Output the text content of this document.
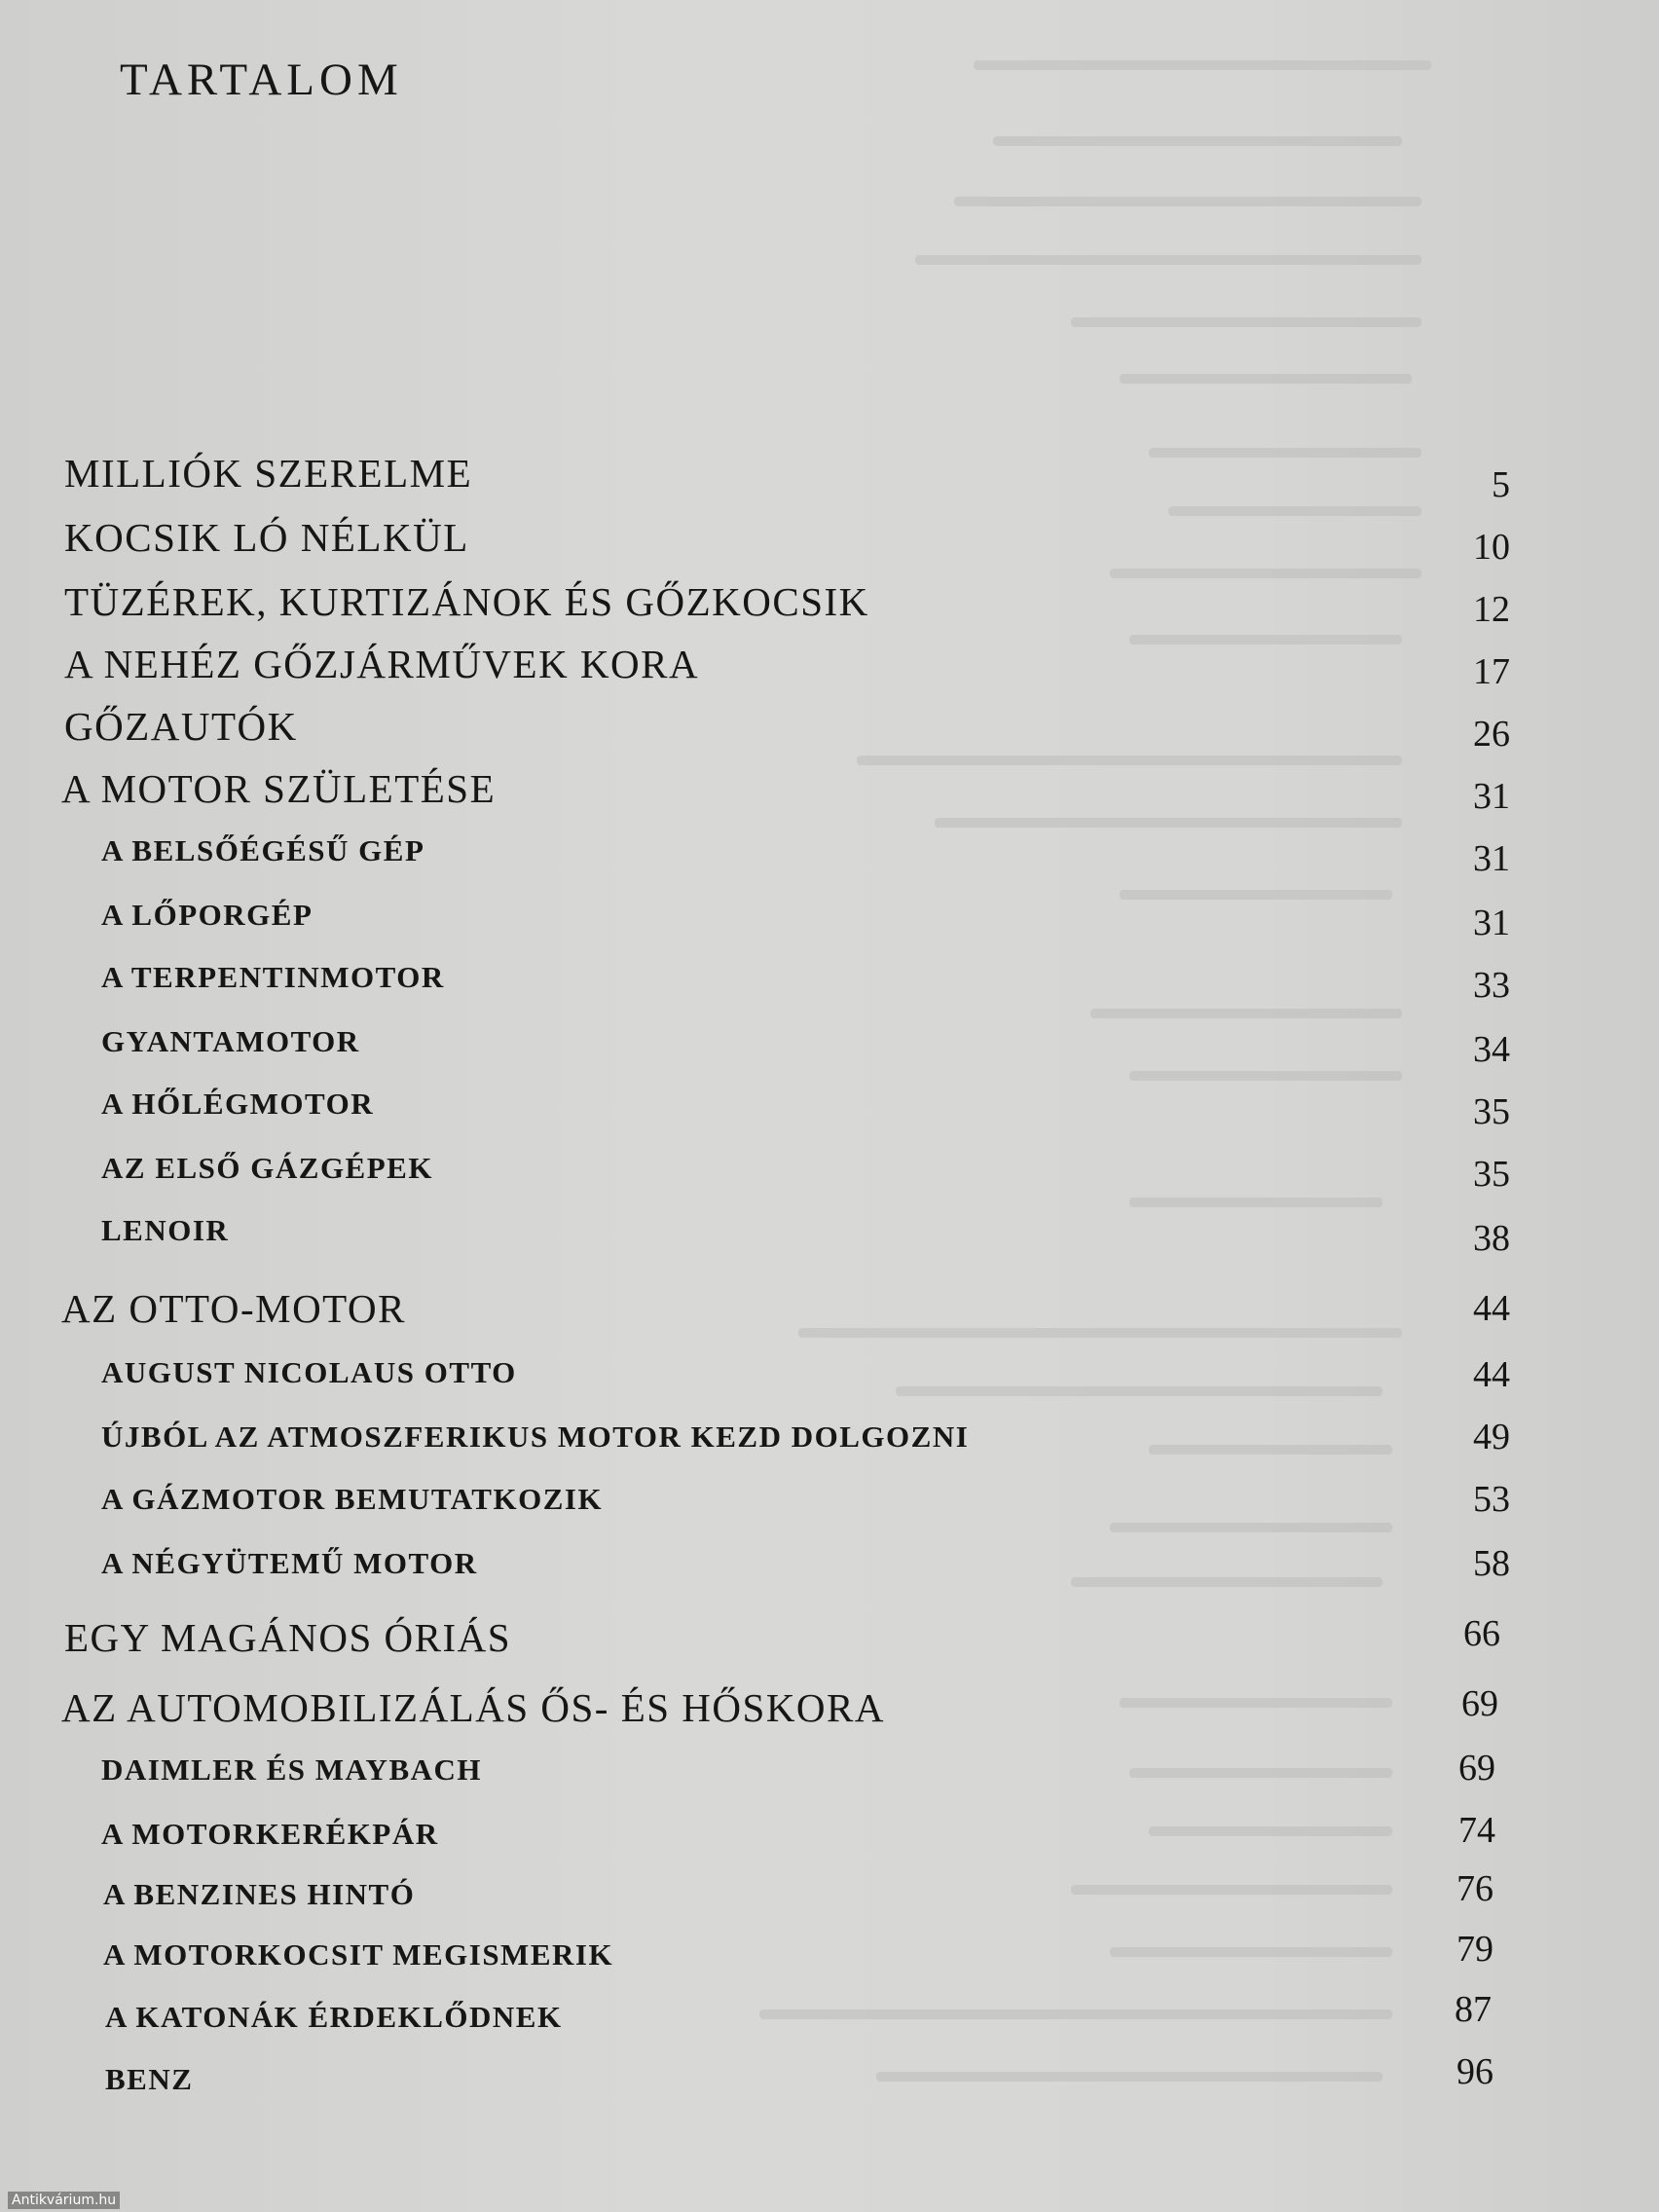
TARTALOM
MILLIÓK SZERELME	5
KOCSIK LÓ NÉLKÜL	10
TÜZÉREK, KURTIZÁNOK ÉS GŐZKOCSIK	12
A NEHÉZ GŐZJÁRMŰVEK KORA	17
GŐZAUTÓK	26
A MOTOR SZÜLETÉSE	31
A BELSŐÉGÉSŰ GÉP	31
A LŐPORGÉP	31
A TERPENTINMOTOR	33
GYANTAMOTOR	34
A HŐLÉGMOTOR	35
AZ ELSŐ GÁZGÉPEK	35
LENOIR	38
AZ OTTO-MOTOR	44
AUGUST NICOLAUS OTTO	44
ÚJBÓL AZ ATMOSZFERIKUS MOTOR KEZD DOLGOZNI	49
A GÁZMOTOR BEMUTATKOZIK	53
A NÉGYÜTEMŰ MOTOR	58
EGY MAGÁNOS ÓRIÁS	66
AZ AUTOMOBILIZÁLÁS ŐS- ÉS HŐSKORA	69
DAIMLER ÉS MAYBACH	69
A MOTORKERÉKPÁR	74
A BENZINES HINTÓ	76
A MOTORKOCSIT MEGISMERIK	79
A KATONÁK ÉRDEKLŐDNEK	87
BENZ	96
Antikvárium.hu
